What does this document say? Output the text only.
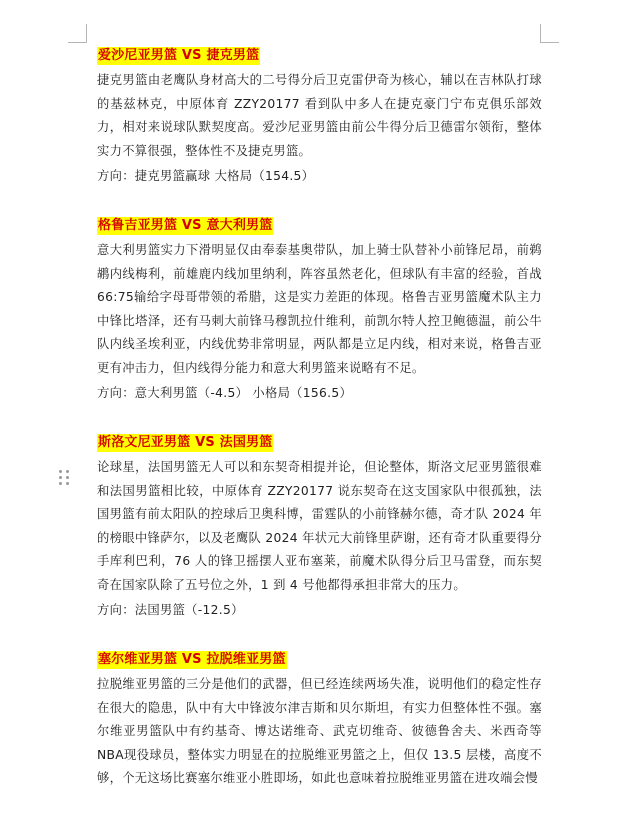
爱沙尼亚男篮 VS 捷克男篮

捷克男篮由老鹰队身材高大的二号得分后卫克雷伊奇为核心，辅以在吉林队打球的基兹林克，中原体育 ZZY20177 看到队中多人在捷克豪门宁布克俱乐部效力，相对来说球队默契度高。爱沙尼亚男篮由前公牛得分后卫德雷尔领衔，整体实力不算很强，整体性不及捷克男篮。

方向：捷克男篮赢球 大格局（154.5）

格鲁吉亚男篮 VS 意大利男篮

意大利男篮实力下滑明显仅由奉泰基奥带队，加上骑士队替补小前锋尼昂，前鹈鹕内线梅利，前雄鹿内线加里纳利，阵容虽然老化，但球队有丰富的经验，首战66:75输给字母哥带领的希腊，这是实力差距的体现。格鲁吉亚男篮魔术队主力中锋比塔泽，还有马刺大前锋马穆凯拉什维利，前凯尔特人控卫鲍德温，前公牛队内线圣埃利亚，内线优势非常明显，两队都是立足内线，相对来说，格鲁吉亚更有冲击力，但内线得分能力和意大利男篮来说略有不足。

方向：意大利男篮（-4.5） 小格局（156.5）

斯洛文尼亚男篮 VS 法国男篮

论球星，法国男篮无人可以和东契奇相提并论，但论整体，斯洛文尼亚男篮很难和法国男篮相比较，中原体育 ZZY20177 说东契奇在这支国家队中很孤独，法国男篮有前太阳队的控球后卫奥科博，雷霆队的小前锋赫尔德，奇才队 2024 年的榜眼中锋萨尔，以及老鹰队 2024 年状元大前锋里萨谢，还有奇才队重要得分手库利巴利，76 人的锋卫摇摆人亚布塞莱，前魔术队得分后卫马雷登，而东契奇在国家队除了五号位之外，1 到 4 号他都得承担非常大的压力。

方向：法国男篮（-12.5）

塞尔维亚男篮 VS 拉脱维亚男篮

拉脱维亚男篮的三分是他们的武器，但已经连续两场失准，说明他们的稳定性存在很大的隐患，队中有大中锋波尔津吉斯和贝尔斯坦，有实力但整体性不强。塞尔维亚男篮队中有约基奇、博达诺维奇、武克切维奇、彼德鲁舍夫、米西奇等NBA现役球员，整体实力明显在的拉脱维亚男篮之上，但仅 13.5 层楼，高度不够，个无这场比赛塞尔维亚小胜即场，如此也意味着拉脱维亚男篮在进攻端会慢
